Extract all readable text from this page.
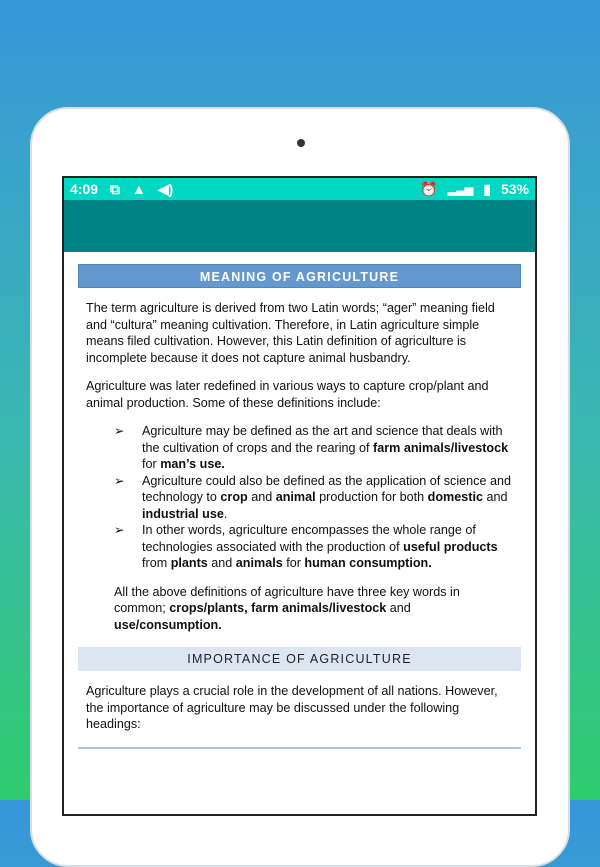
4:09 ⧉ ▲ ◀)	⏰ ▂▃▅ ▮ 53%
MEANING OF AGRICULTURE

The term agriculture is derived from two Latin words; “ager” meaning field and “cultura” meaning cultivation. Therefore, in Latin agriculture simple means filed cultivation. However, this Latin definition of agriculture is incomplete because it does not capture animal husbandry.

Agriculture was later redefined in various ways to capture crop/plant and animal production. Some of these definitions include:

➢ Agriculture may be defined as the art and science that deals with the cultivation of crops and the rearing of farm animals/livestock for man’s use.
➢ Agriculture could also be defined as the application of science and technology to crop and animal production for both domestic and industrial use.
➢ In other words, agriculture encompasses the whole range of technologies associated with the production of useful products from plants and animals for human consumption.

All the above definitions of agriculture have three key words in common; crops/plants, farm animals/livestock and use/consumption.

IMPORTANCE OF AGRICULTURE

Agriculture plays a crucial role in the development of all nations. However, the importance of agriculture may be discussed under the following headings:
